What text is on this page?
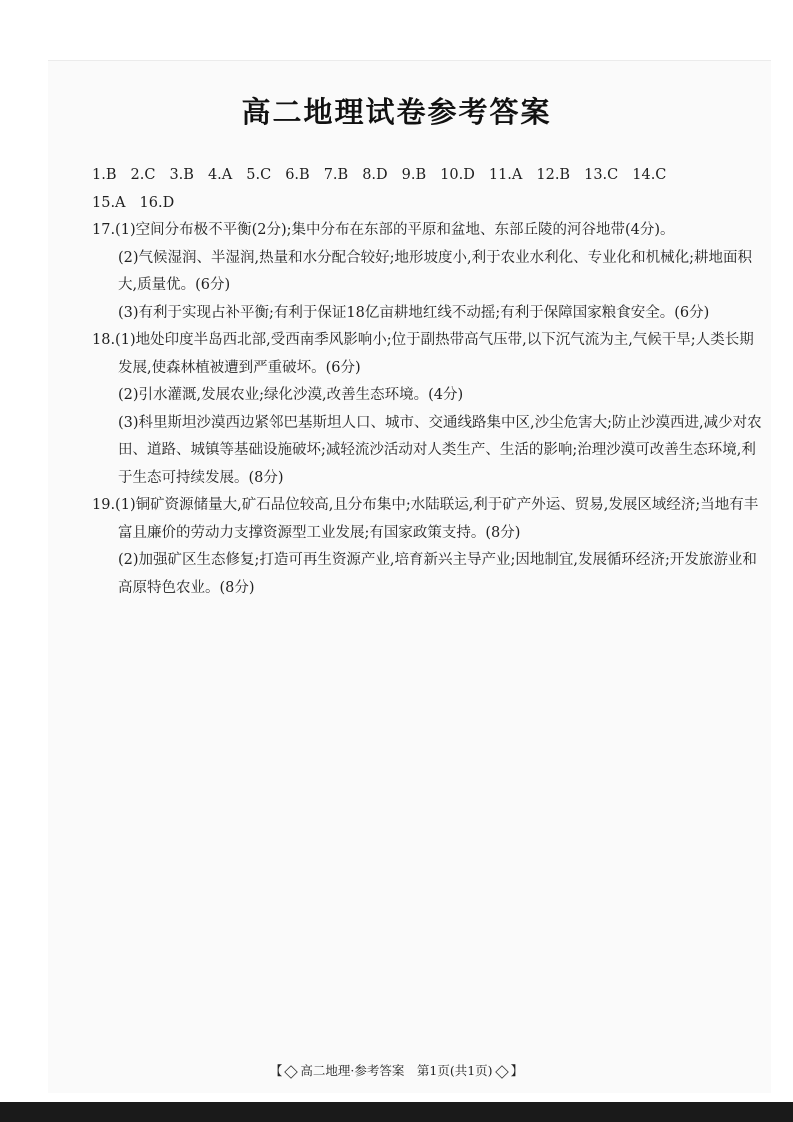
高二地理试卷参考答案

1.B 2.C 3.B 4.A 5.C 6.B 7.B 8.D 9.B 10.D 11.A 12.B 13.C 14.C

15.A 16.D

17.(1)空间分布极不平衡(2分);集中分布在东部的平原和盆地、东部丘陵的河谷地带(4分)。

(2)气候湿润、半湿润,热量和水分配合较好;地形坡度小,利于农业水利化、专业化和机械化;耕地面积大,质量优。(6分)

(3)有利于实现占补平衡;有利于保证18亿亩耕地红线不动摇;有利于保障国家粮食安全。(6分)

18.(1)地处印度半岛西北部,受西南季风影响小;位于副热带高气压带,以下沉气流为主,气候干旱;人类长期发展,使森林植被遭到严重破坏。(6分)

(2)引水灌溉,发展农业;绿化沙漠,改善生态环境。(4分)

(3)科里斯坦沙漠西边紧邻巴基斯坦人口、城市、交通线路集中区,沙尘危害大;防止沙漠西进,减少对农田、道路、城镇等基础设施破坏;减轻流沙活动对人类生产、生活的影响;治理沙漠可改善生态环境,利于生态可持续发展。(8分)

19.(1)铜矿资源储量大,矿石品位较高,且分布集中;水陆联运,利于矿产外运、贸易,发展区域经济;当地有丰富且廉价的劳动力支撑资源型工业发展;有国家政策支持。(8分)

(2)加强矿区生态修复;打造可再生资源产业,培育新兴主导产业;因地制宜,发展循环经济;开发旅游业和高原特色农业。(8分)

【 高二地理·参考答案　第1页(共1页) 】
